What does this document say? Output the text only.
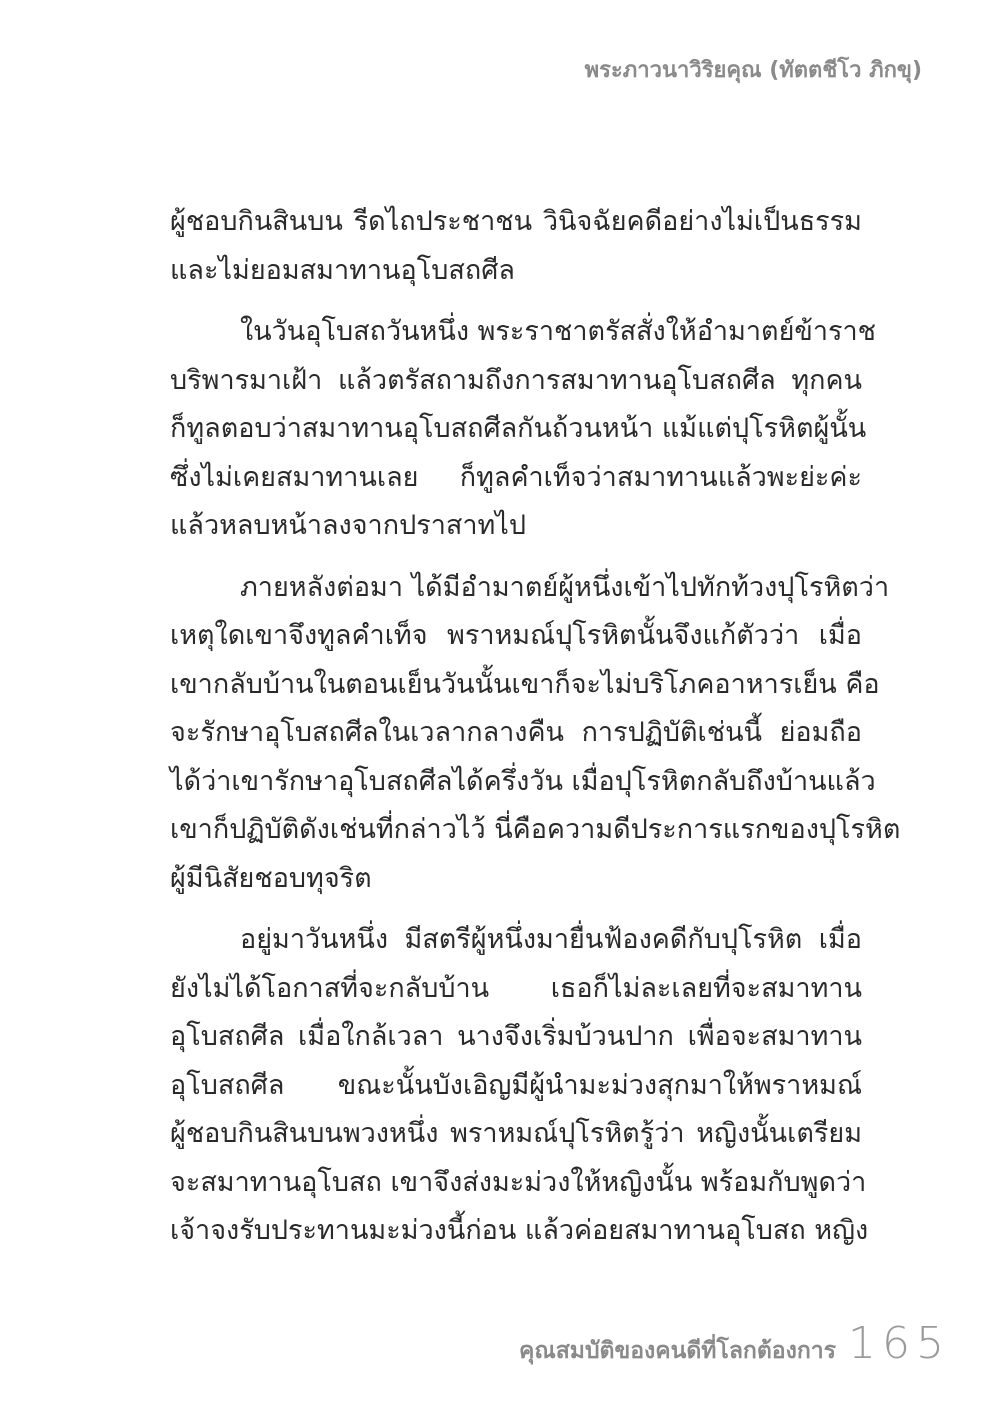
พระภาวนาวิริยคุณ (ทัตตชีโว ภิกขุ)

ผู้ชอบกินสินบน รีดไถประชาชน วินิจฉัยคดีอย่างไม่เป็นธรรม
และไม่ยอมสมาทานอุโบสถศีล

ในวันอุโบสถวันหนึ่ง พระราชาตรัสสั่งให้อำมาตย์ข้าราช
บริพารมาเฝ้า แล้วตรัสถามถึงการสมาทานอุโบสถศีล ทุกคน
ก็ทูลตอบว่าสมาทานอุโบสถศีลกันถ้วนหน้า แม้แต่ปุโรหิตผู้นั้น
ซึ่งไม่เคยสมาทานเลย ก็ทูลคำเท็จว่าสมาทานแล้วพะย่ะค่ะ
แล้วหลบหน้าลงจากปราสาทไป

ภายหลังต่อมา ได้มีอำมาตย์ผู้หนึ่งเข้าไปทักท้วงปุโรหิตว่า
เหตุใดเขาจึงทูลคำเท็จ พราหมณ์ปุโรหิตนั้นจึงแก้ตัวว่า เมื่อ
เขากลับบ้านในตอนเย็นวันนั้นเขาก็จะไม่บริโภคอาหารเย็น คือ
จะรักษาอุโบสถศีลในเวลากลางคืน การปฏิบัติเช่นนี้ ย่อมถือ
ได้ว่าเขารักษาอุโบสถศีลได้ครึ่งวัน เมื่อปุโรหิตกลับถึงบ้านแล้ว
เขาก็ปฏิบัติดังเช่นที่กล่าวไว้ นี่คือความดีประการแรกของปุโรหิต
ผู้มีนิสัยชอบทุจริต

อยู่มาวันหนึ่ง มีสตรีผู้หนึ่งมายื่นฟ้องคดีกับปุโรหิต เมื่อ
ยังไม่ได้โอกาสที่จะกลับบ้าน เธอก็ไม่ละเลยที่จะสมาทาน
อุโบสถศีล เมื่อใกล้เวลา นางจึงเริ่มบ้วนปาก เพื่อจะสมาทาน
อุโบสถศีล ขณะนั้นบังเอิญมีผู้นำมะม่วงสุกมาให้พราหมณ์
ผู้ชอบกินสินบนพวงหนึ่ง พราหมณ์ปุโรหิตรู้ว่า หญิงนั้นเตรียม
จะสมาทานอุโบสถ เขาจึงส่งมะม่วงให้หญิงนั้น พร้อมกับพูดว่า
เจ้าจงรับประทานมะม่วงนี้ก่อน แล้วค่อยสมาทานอุโบสถ หญิง

คุณสมบัติของคนดีที่โลกต้องการ 165
